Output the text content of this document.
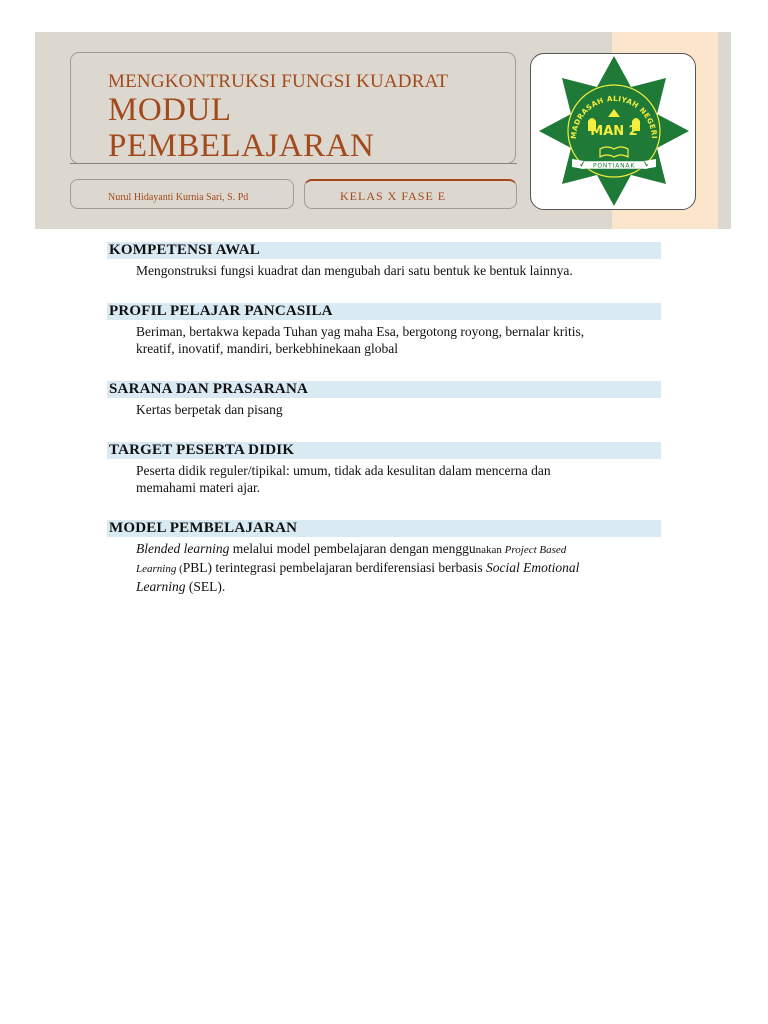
MENGKONTRUKSI FUNGSI KUADRAT
MODUL
PEMBELAJARAN
Nurul Hidayanti Kurnia Sari, S. Pd	KELAS X FASE E
MADRASAH ALIYAH NEGERI
MAN 2
PONTIANAK
KOMPETENSI AWAL
Mengonstruksi fungsi kuadrat dan mengubah dari satu bentuk ke bentuk lainnya.
PROFIL PELAJAR PANCASILA
Beriman, bertakwa kepada Tuhan yag maha Esa, bergotong royong, bernalar kritis,
kreatif, inovatif, mandiri, berkebhinekaan global
SARANA DAN PRASARANA
Kertas berpetak dan pisang
TARGET PESERTA DIDIK
Peserta didik reguler/tipikal: umum, tidak ada kesulitan dalam mencerna dan
memahami materi ajar.
MODEL PEMBELAJARAN
Blended learning melalui model pembelajaran dengan menggunakan Project Based
Learning (PBL) terintegrasi pembelajaran berdiferensiasi berbasis Social Emotional
Learning (SEL).
